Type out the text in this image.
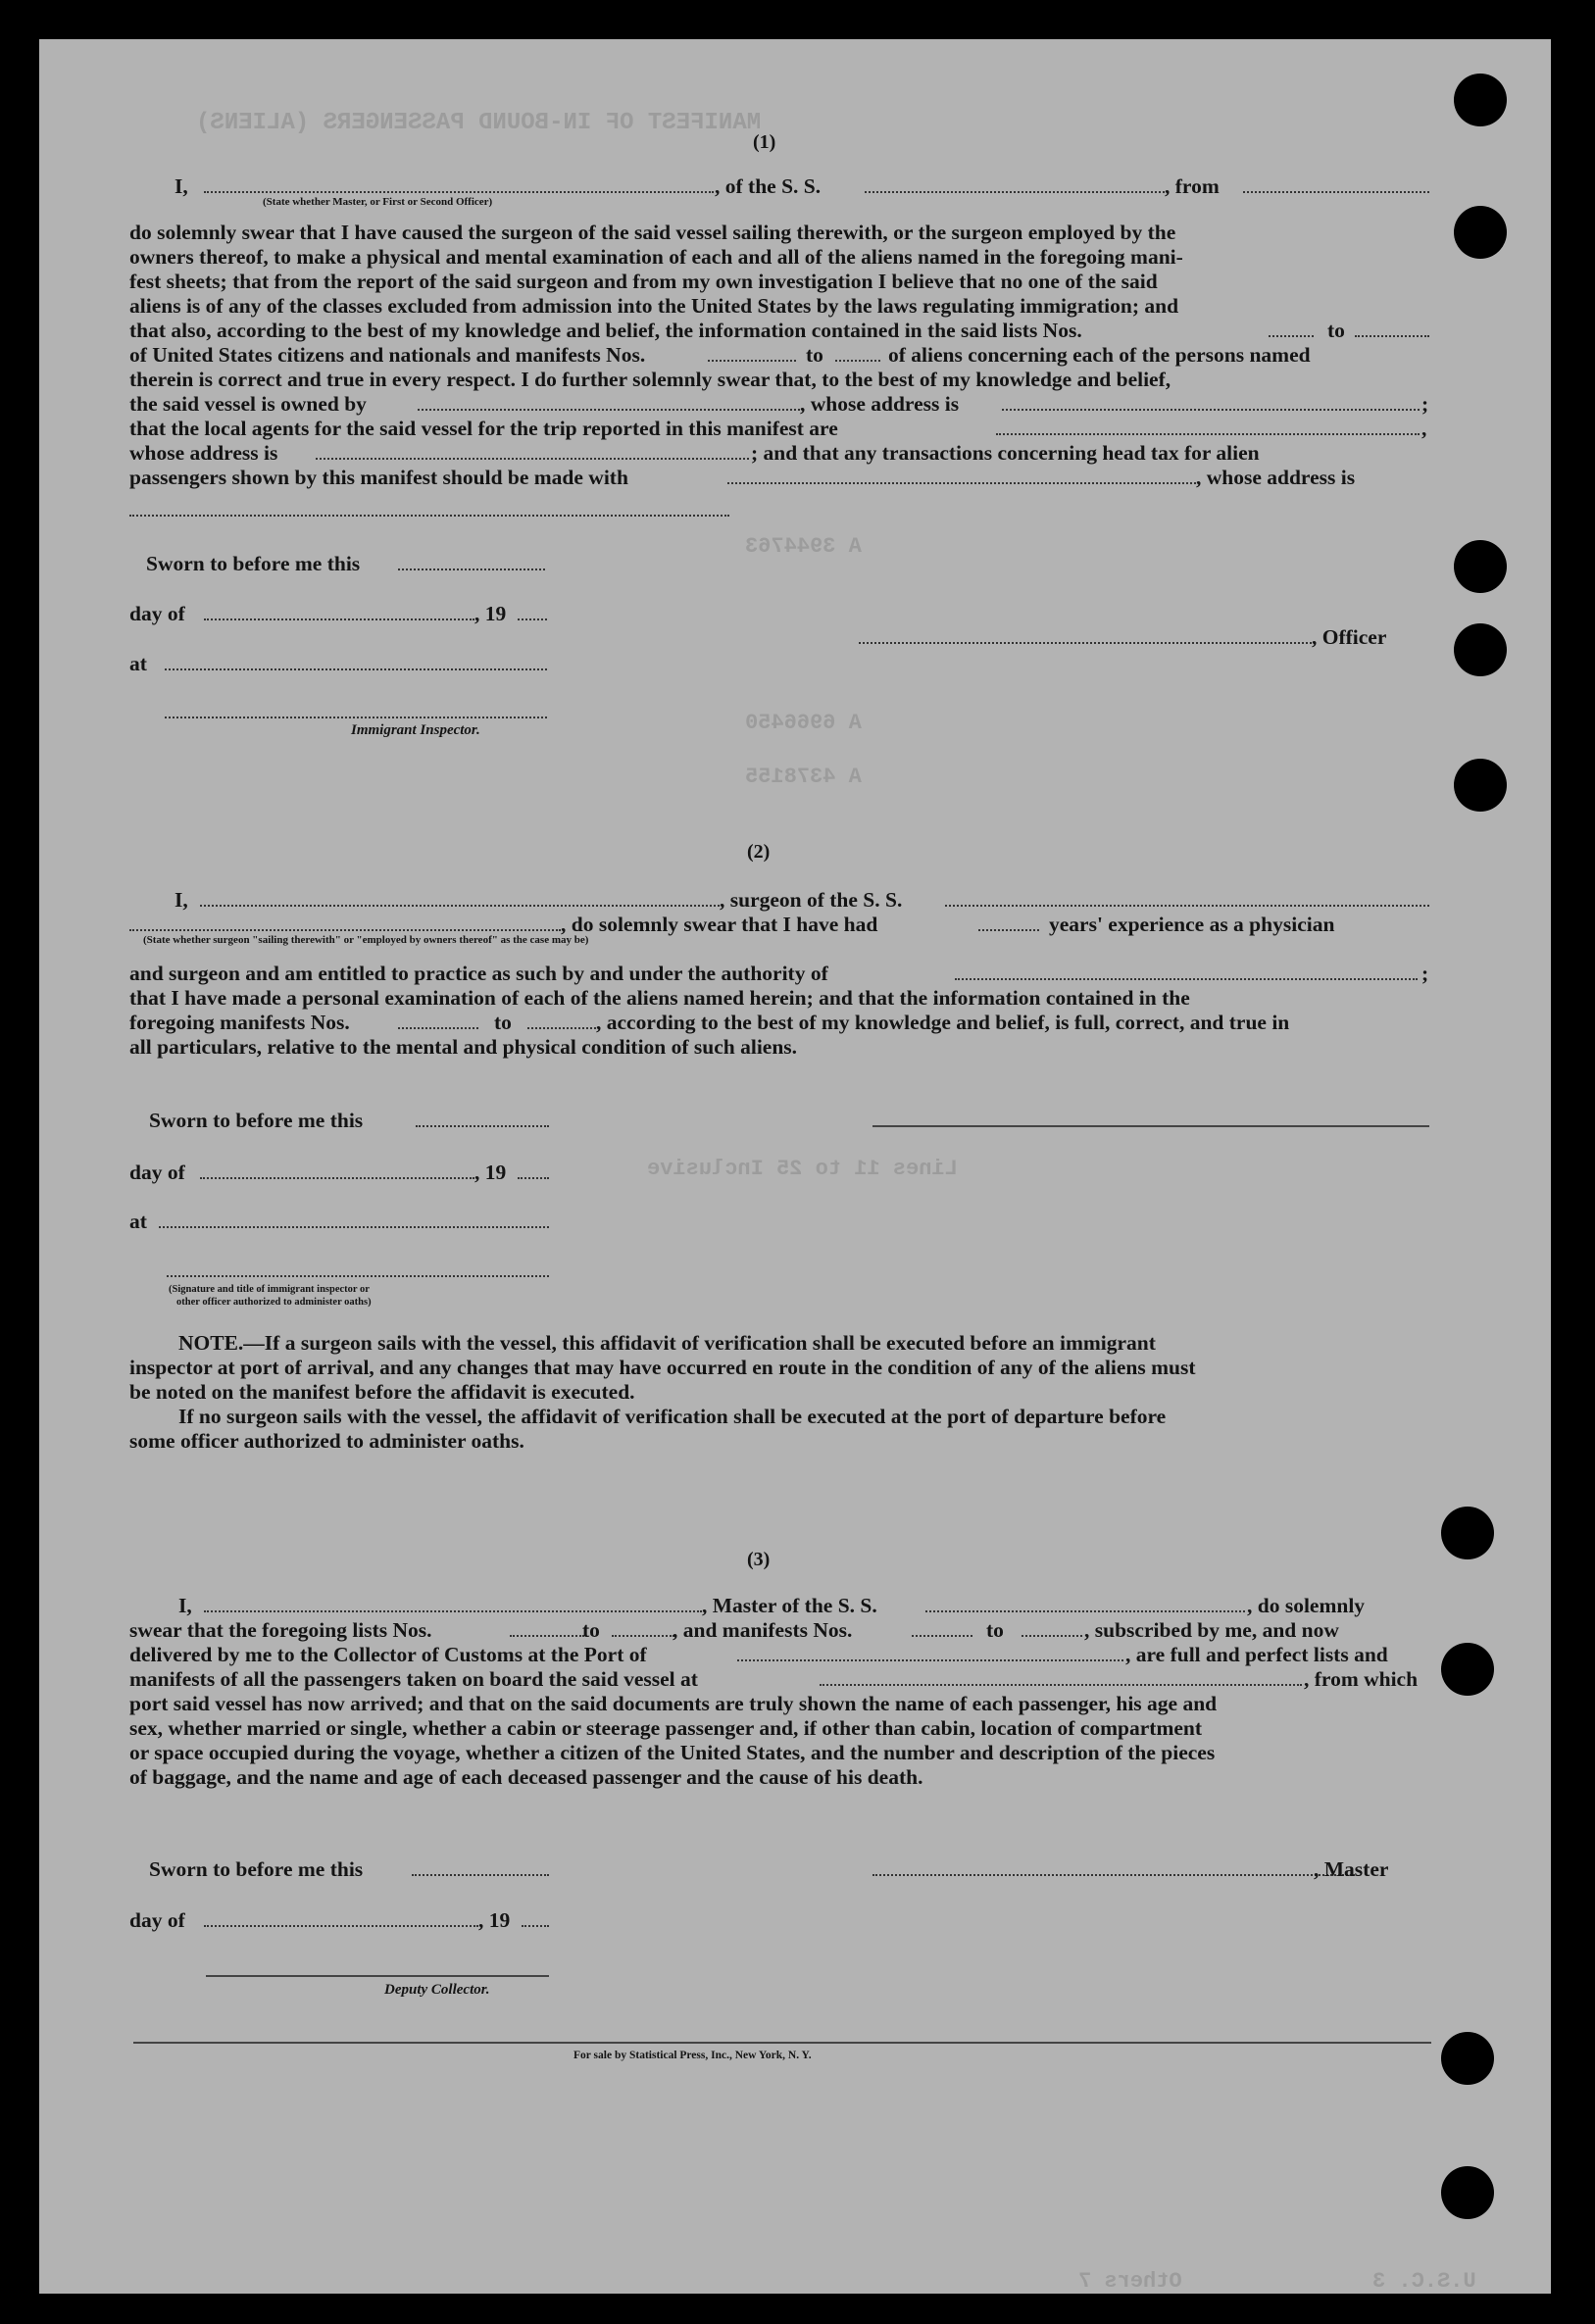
MANIFEST OF IN-BOUND PASSENGERS (ALIENS)
A 3944763
A 6966450
A 4378155
Lines 11 to 25 Inclusive
U.S.C. 3
Others 7
(1)
I,
(State whether Master, or First or Second Officer)
, of the S. S.	, from
do solemnly swear that I have caused the surgeon of the said vessel sailing therewith, or the surgeon employed by the
owners thereof, to make a physical and mental examination of each and all of the aliens named in the foregoing mani-
fest sheets; that from the report of the said surgeon and from my own investigation I believe that no one of the said
aliens is of any of the classes excluded from admission into the United States by the laws regulating immigration; and
that also, according to the best of my knowledge and belief, the information contained in the said lists Nos.	to
of United States citizens and nationals and manifests Nos.	to	of aliens concerning each of the persons named
therein is correct and true in every respect. I do further solemnly swear that, to the best of my knowledge and belief,
the said vessel is owned by	, whose address is	;
that the local agents for the said vessel for the trip reported in this manifest are	,
whose address is	; and that any transactions concerning head tax for alien
passengers shown by this manifest should be made with	, whose address is
Sworn to before me this
day of	, 19
at
Immigrant Inspector.
, Officer
(2)
I,	, surgeon of the S. S.
, do solemnly swear that I have had	years' experience as a physician
(State whether surgeon "sailing therewith" or "employed by owners thereof" as the case may be)
and surgeon and am entitled to practice as such by and under the authority of	;
that I have made a personal examination of each of the aliens named herein; and that the information contained in the
foregoing manifests Nos.	to	, according to the best of my knowledge and belief, is full, correct, and true in
all particulars, relative to the mental and physical condition of such aliens.
Sworn to before me this
day of	, 19
at
(Signature and title of immigrant inspector or
other officer authorized to administer oaths)
NOTE.—If a surgeon sails with the vessel, this affidavit of verification shall be executed before an immigrant
inspector at port of arrival, and any changes that may have occurred en route in the condition of any of the aliens must
be noted on the manifest before the affidavit is executed.
If no surgeon sails with the vessel, the affidavit of verification shall be executed at the port of departure before
some officer authorized to administer oaths.
(3)
I,	, Master of the S. S.	, do solemnly
swear that the foregoing lists Nos.	to	, and manifests Nos.	to	, subscribed by me, and now
delivered by me to the Collector of Customs at the Port of	, are full and perfect lists and
manifests of all the passengers taken on board the said vessel at	, from which
port said vessel has now arrived; and that on the said documents are truly shown the name of each passenger, his age and
sex, whether married or single, whether a cabin or steerage passenger and, if other than cabin, location of compartment
or space occupied during the voyage, whether a citizen of the United States, and the number and description of the pieces
of baggage, and the name and age of each deceased passenger and the cause of his death.
Sworn to before me this	, Master
day of	, 19
Deputy Collector.
For sale by Statistical Press, Inc., New York, N. Y.
